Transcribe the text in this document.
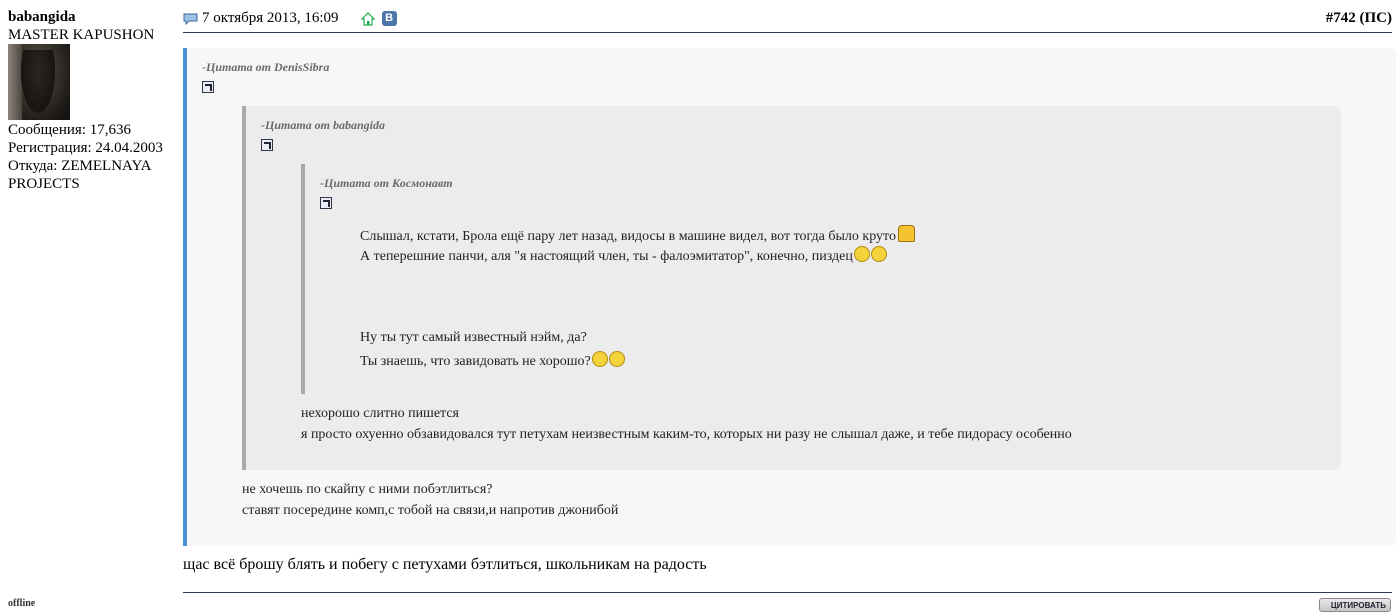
babangida
MASTER KAPUSHON
Сообщения: 17,636
Регистрация: 24.04.2003
Откуда: ZEMELNAYA
PROJECTS
offline
7 октября 2013, 16:09	В	#742 (ПС)
-Цитата от DenisSibra
-Цитата от babangida
-Цитата от Космонавт
Слышал, кстати, Брола ещё пару лет назад, видосы в машине видел, вот тогда было круто
А теперешние панчи, аля "я настоящий член, ты - фалоэмитатор", конечно, пиздец
Ну ты тут самый известный нэйм, да?
Ты знаешь, что завидовать не хорошо?
нехорошо слитно пишется
я просто охуенно обзавидовался тут петухам неизвестным каким-то, которых ни разу не слышал даже, и тебе пидорасу особенно
не хочешь по скайпу с ними побэтлиться?
ставят посередине комп,с тобой на связи,и напротив джонибой
щас всё брошу блять и побегу с петухами бэтлиться, школьникам на радость
ЦИТИРОВАТЬ
